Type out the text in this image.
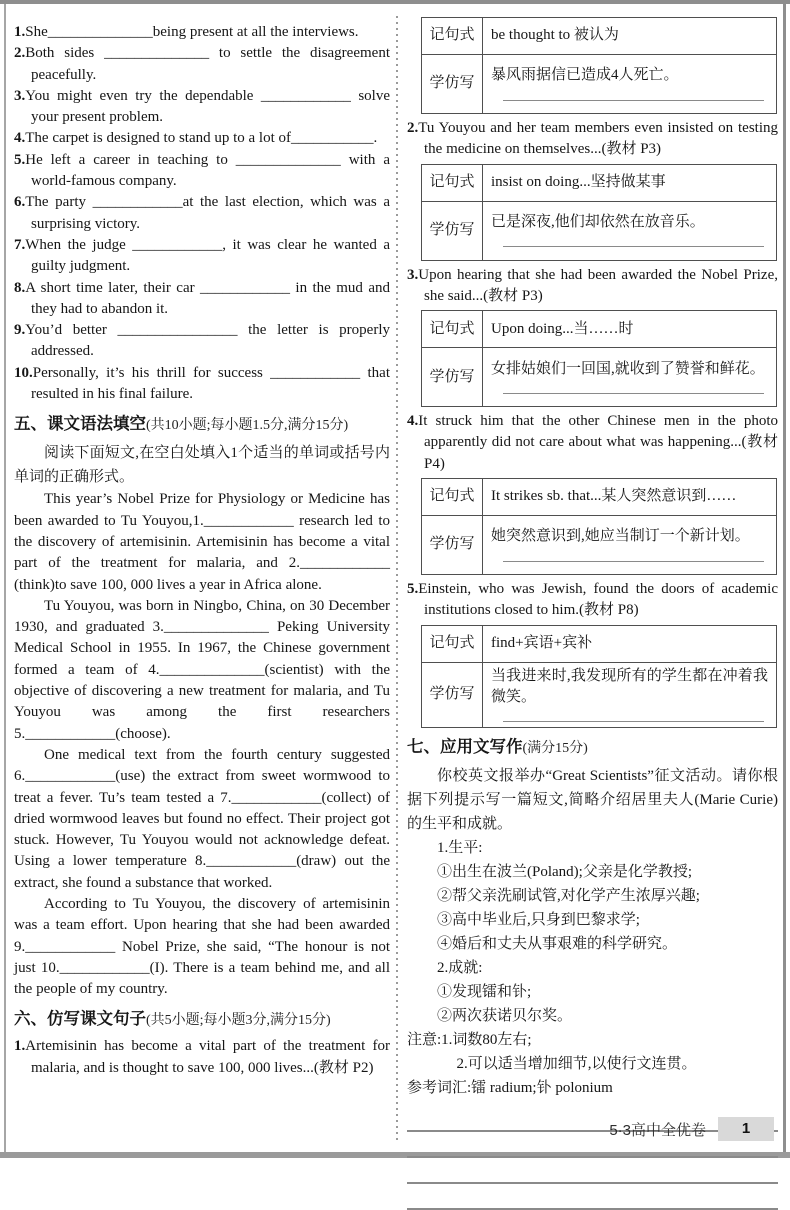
1.She______________being present at all the interviews.
2.Both sides ______________ to settle the disagreement peacefully.
3.You might even try the dependable ____________ solve your present problem.
4.The carpet is designed to stand up to a lot of___________.
5.He left a career in teaching to ______________ with a world-famous company.
6.The party ____________at the last election, which was a surprising victory.
7.When the judge ____________, it was clear he wanted a guilty judgment.
8.A short time later, their car ____________ in the mud and they had to abandon it.
9.You’d better ________________ the letter is properly addressed.
10.Personally, it’s his thrill for success ____________ that resulted in his final failure.
五、课文语法填空(共10小题;每小题1.5分,满分15分)

阅读下面短文,在空白处填入1个适当的单词或括号内单词的正确形式。

This year’s Nobel Prize for Physiology or Medicine has been awarded to Tu Youyou,1.____________ research led to the discovery of artemisinin. Artemisinin has become a vital part of the treatment for malaria, and 2.____________ (think)to save 100, 000 lives a year in Africa alone.

Tu Youyou, was born in Ningbo, China, on 30 December 1930, and graduated 3.______________ Peking University Medical School in 1955. In 1967, the Chinese government formed a team of 4.______________(scientist) with the objective of discovering a new treatment for malaria, and Tu Youyou was among the first researchers 5.____________(choose).

One medical text from the fourth century suggested 6.____________(use) the extract from sweet wormwood to treat a fever. Tu’s team tested a 7.____________(collect) of dried wormwood leaves but found no effect. Their project got stuck. However, Tu Youyou would not acknowledge defeat. Using a lower temperature 8.____________(draw) out the extract, she found a substance that worked.

According to Tu Youyou, the discovery of artemisinin was a team effort. Upon hearing that she had been awarded 9.____________ Nobel Prize, she said, “The honour is not just 10.____________(I). There is a team behind me, and all the people of my country.

六、仿写课文句子(共5小题;每小题3分,满分15分)
1.Artemisinin has become a vital part of the treatment for malaria, and is thought to save 100, 000 lives...(教材 P2)
记句式	be thought to 被认为
学仿写	暴风雨据信已造成4人死亡。
2.Tu Youyou and her team members even insisted on testing the medicine on themselves...(教材 P3)
记句式	insist on doing...坚持做某事
学仿写	已是深夜,他们却依然在放音乐。
3.Upon hearing that she had been awarded the Nobel Prize, she said...(教材 P3)
记句式	Upon doing...当……时
学仿写	女排姑娘们一回国,就收到了赞誉和鲜花。
4.It struck him that the other Chinese men in the photo apparently did not care about what was happening...(教材 P4)
记句式	It strikes sb. that...某人突然意识到……
学仿写	她突然意识到,她应当制订一个新计划。
5.Einstein, who was Jewish, found the doors of academic institutions closed to him.(教材 P8)
记句式	find+宾语+宾补
学仿写	当我进来时,我发现所有的学生都在冲着我微笑。
七、应用文写作(满分15分)

你校英文报举办“Great Scientists”征文活动。请你根据下列提示写一篇短文,简略介绍居里夫人(Marie Curie)的生平和成就。

1.生平:
①出生在波兰(Poland);父亲是化学教授;
②帮父亲洗刷试管,对化学产生浓厚兴趣;
③高中毕业后,只身到巴黎求学;
④婚后和丈夫从事艰难的科学研究。
2.成就:
①发现镭和钋;
②两次获诺贝尔奖。
注意:1.词数80左右;
2.可以适当增加细节,以使行文连贯。
参考词汇:镭 radium;钋 polonium
5·3高中全优卷	1
